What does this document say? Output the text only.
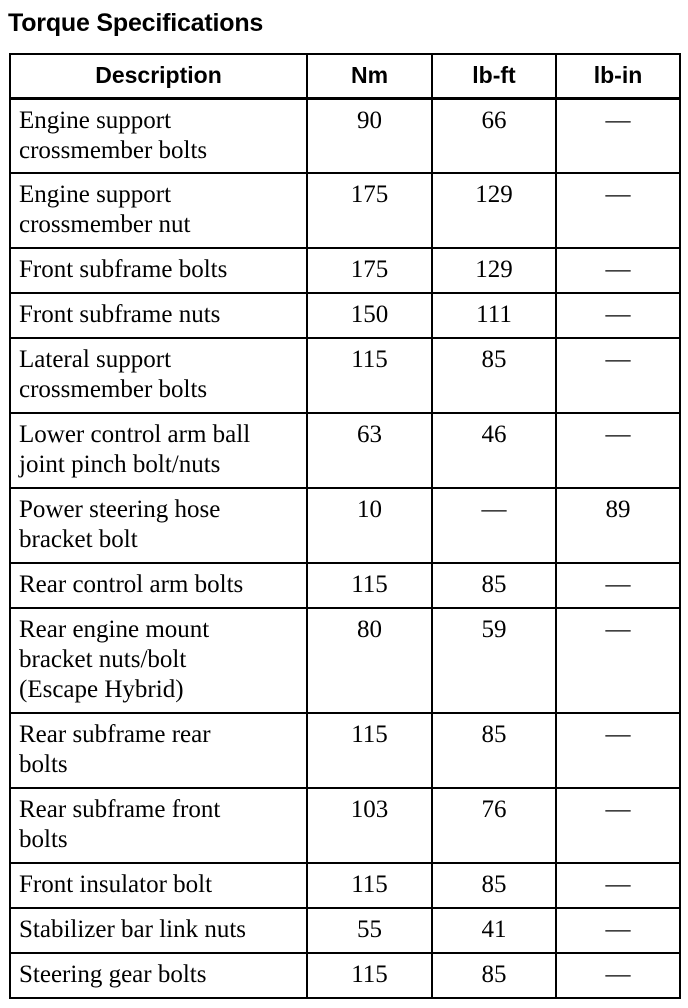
Torque Specifications
Description	Nm	lb-ft	lb-in
Engine support
crossmember bolts	90	66	—
Engine support
crossmember nut	175	129	—
Front subframe bolts	175	129	—
Front subframe nuts	150	111	—
Lateral support
crossmember bolts	115	85	—
Lower control arm ball
joint pinch bolt/nuts	63	46	—
Power steering hose
bracket bolt	10	—	89
Rear control arm bolts	115	85	—
Rear engine mount
bracket nuts/bolt
(Escape Hybrid)	80	59	—
Rear subframe rear
bolts	115	85	—
Rear subframe front
bolts	103	76	—
Front insulator bolt	115	85	—
Stabilizer bar link nuts	55	41	—
Steering gear bolts	115	85	—
